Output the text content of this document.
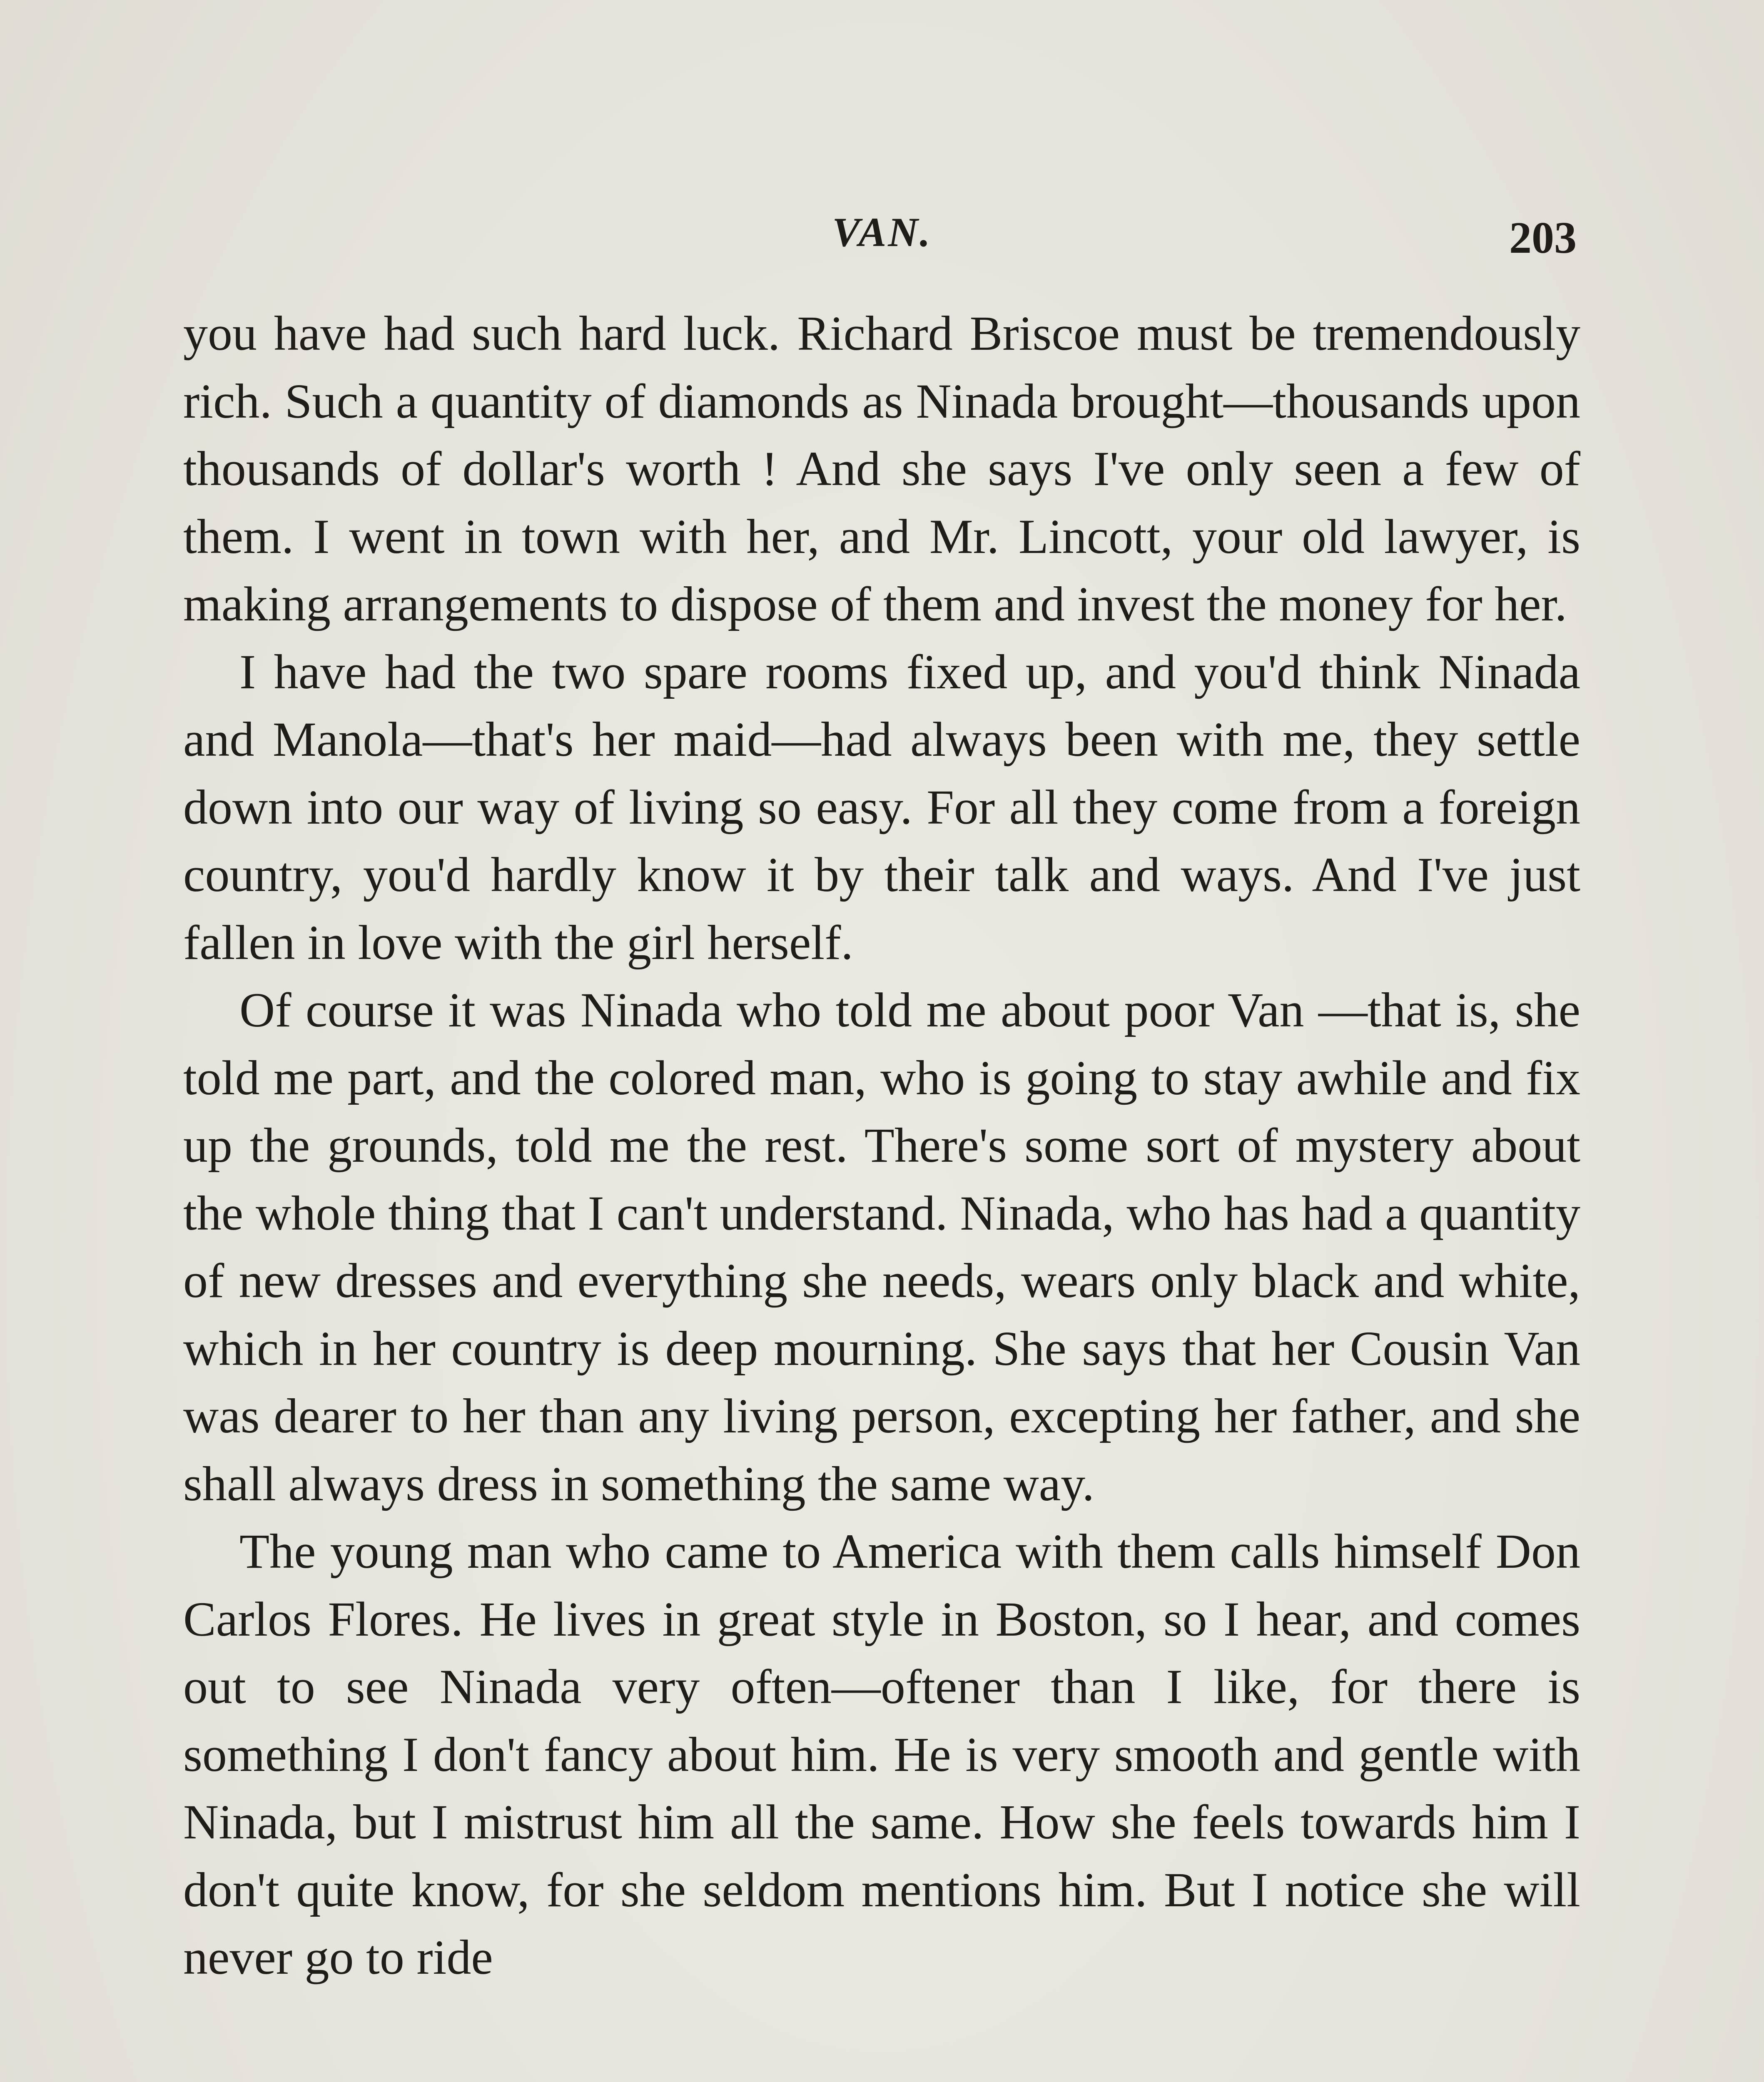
VAN.	203

you have had such hard luck. Richard Briscoe must be tremendously rich. Such a quantity of diamonds as Ninada brought—thousands upon thousands of dollar's worth ! And she says I've only seen a few of them. I went in town with her, and Mr. Lincott, your old lawyer, is making arrangements to dispose of them and invest the money for her.

I have had the two spare rooms fixed up, and you'd think Ninada and Manola—that's her maid—had always been with me, they settle down into our way of living so easy. For all they come from a foreign country, you'd hardly know it by their talk and ways. And I've just fallen in love with the girl herself.

Of course it was Ninada who told me about poor Van —that is, she told me part, and the colored man, who is going to stay awhile and fix up the grounds, told me the rest. There's some sort of mystery about the whole thing that I can't understand. Ninada, who has had a quantity of new dresses and everything she needs, wears only black and white, which in her country is deep mourning. She says that her Cousin Van was dearer to her than any living person, excepting her father, and she shall always dress in something the same way.

The young man who came to America with them calls himself Don Carlos Flores. He lives in great style in Boston, so I hear, and comes out to see Ninada very often—oftener than I like, for there is something I don't fancy about him. He is very smooth and gentle with Ninada, but I mistrust him all the same. How she feels towards him I don't quite know, for she seldom mentions him. But I notice she will never go to ride
